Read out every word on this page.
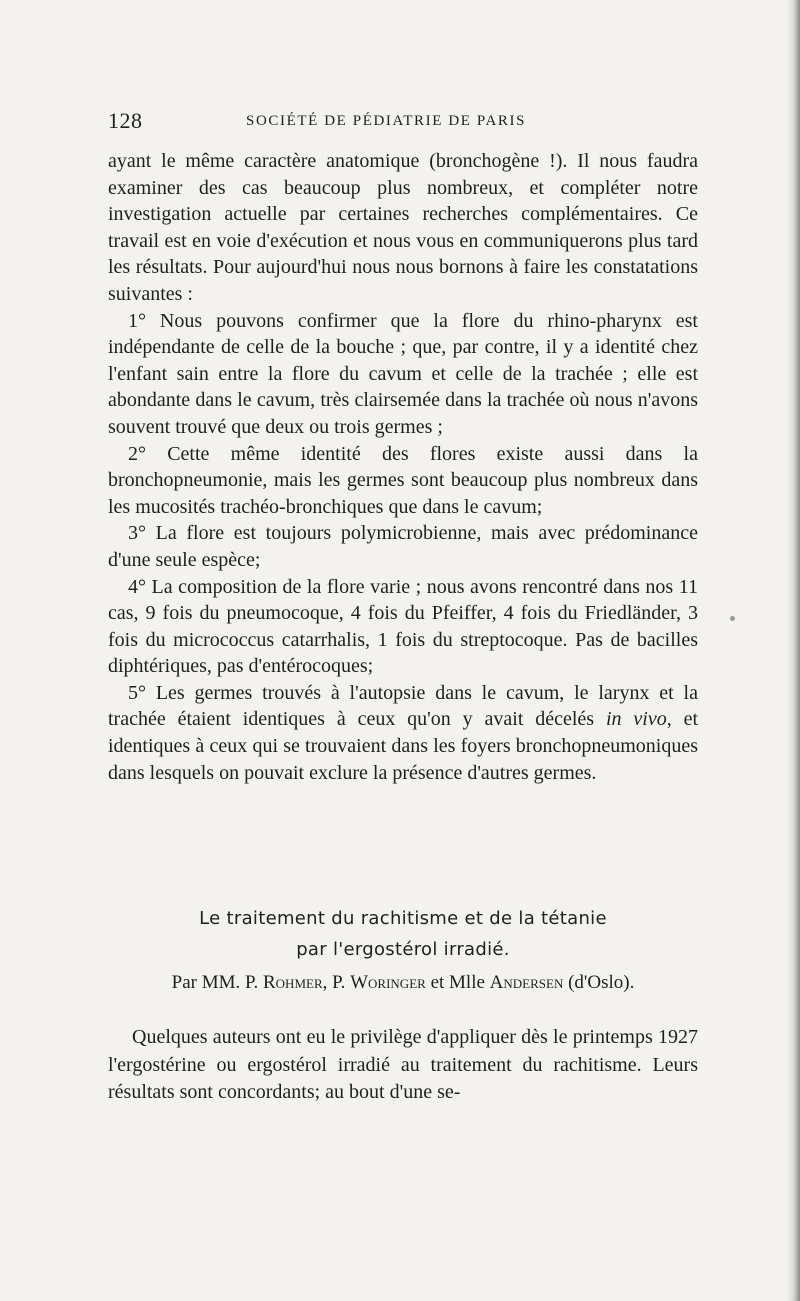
128	SOCIÉTÉ DE PÉDIATRIE DE PARIS

ayant le même caractère anatomique (bronchogène !). Il nous faudra examiner des cas beaucoup plus nombreux, et compléter notre investigation actuelle par certaines recherches complémentaires. Ce travail est en voie d'exécution et nous vous en communiquerons plus tard les résultats. Pour aujourd'hui nous nous bornons à faire les constatations suivantes :

1° Nous pouvons confirmer que la flore du rhino-pharynx est indépendante de celle de la bouche ; que, par contre, il y a identité chez l'enfant sain entre la flore du cavum et celle de la trachée ; elle est abondante dans le cavum, très clairsemée dans la trachée où nous n'avons souvent trouvé que deux ou trois germes ;

2° Cette même identité des flores existe aussi dans la bronchopneumonie, mais les germes sont beaucoup plus nombreux dans les mucosités trachéo-bronchiques que dans le cavum;

3° La flore est toujours polymicrobienne, mais avec prédominance d'une seule espèce;

4° La composition de la flore varie ; nous avons rencontré dans nos 11 cas, 9 fois du pneumocoque, 4 fois du Pfeiffer, 4 fois du Friedländer, 3 fois du micrococcus catarrhalis, 1 fois du streptocoque. Pas de bacilles diphtériques, pas d'entérocoques;

5° Les germes trouvés à l'autopsie dans le cavum, le larynx et la trachée étaient identiques à ceux qu'on y avait décelés in vivo, et identiques à ceux qui se trouvaient dans les foyers bronchopneumoniques dans lesquels on pouvait exclure la présence d'autres germes.

Le traitement du rachitisme et de la tétanie
par l'ergostérol irradié.
Par MM. P. Rohmer, P. Woringer et Mlle Andersen (d'Oslo).

Quelques auteurs ont eu le privilège d'appliquer dès le printemps 1927 l'ergostérine ou ergostérol irradié au traitement du rachitisme. Leurs résultats sont concordants; au bout d'une se-
